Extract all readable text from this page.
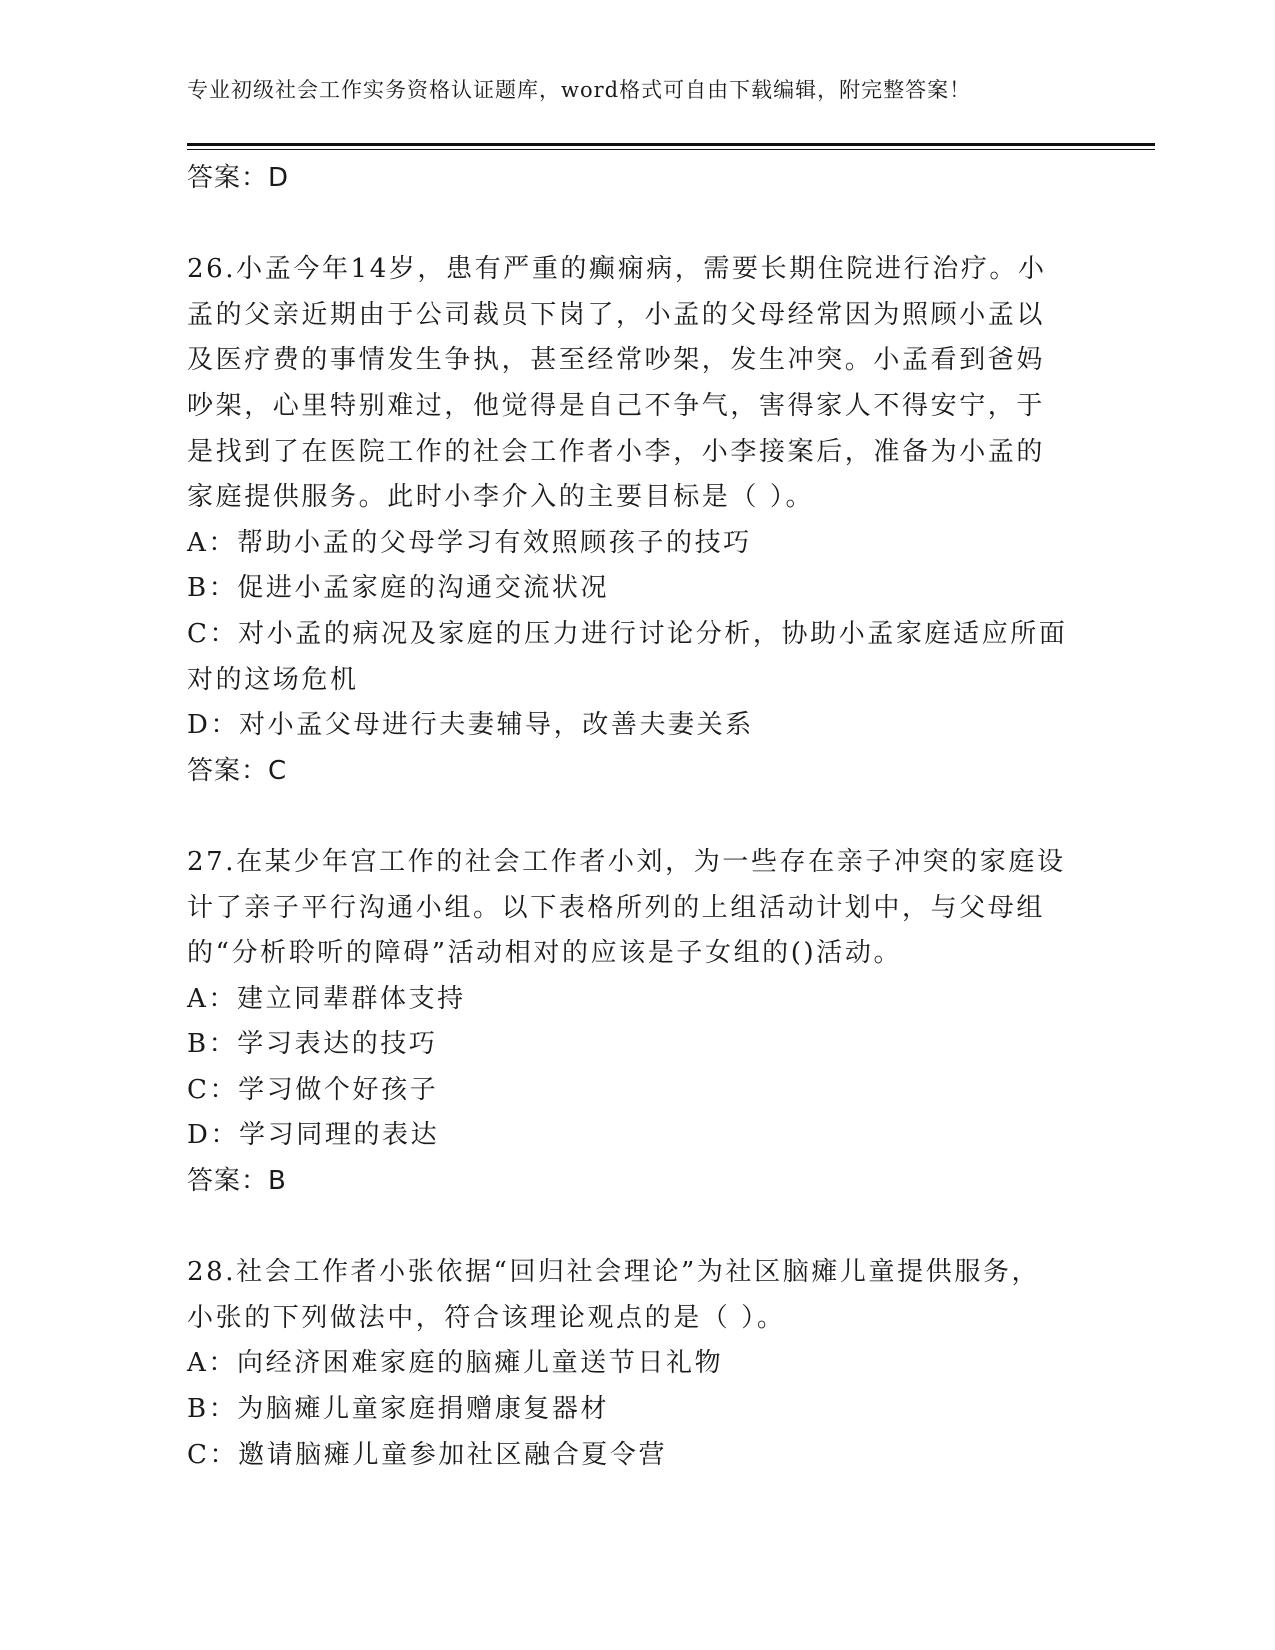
专业初级社会工作实务资格认证题库，word格式可自由下载编辑，附完整答案！
答案：D
26.小孟今年14岁，患有严重的癫痫病，需要长期住院进行治疗。小
孟的父亲近期由于公司裁员下岗了，小孟的父母经常因为照顾小孟以
及医疗费的事情发生争执，甚至经常吵架，发生冲突。小孟看到爸妈
吵架，心里特别难过，他觉得是自己不争气，害得家人不得安宁，于
是找到了在医院工作的社会工作者小李，小李接案后，准备为小孟的
家庭提供服务。此时小李介入的主要目标是（ ）。
A：帮助小孟的父母学习有效照顾孩子的技巧
B：促进小孟家庭的沟通交流状况
C：对小孟的病况及家庭的压力进行讨论分析，协助小孟家庭适应所面
对的这场危机
D：对小孟父母进行夫妻辅导，改善夫妻关系
答案：C
27.在某少年宫工作的社会工作者小刘，为一些存在亲子冲突的家庭设
计了亲子平行沟通小组。以下表格所列的上组活动计划中，与父母组
的“分析聆听的障碍”活动相对的应该是子女组的()活动。
A：建立同辈群体支持
B：学习表达的技巧
C：学习做个好孩子
D：学习同理的表达
答案：B
28.社会工作者小张依据“回归社会理论”为社区脑瘫儿童提供服务，
小张的下列做法中，符合该理论观点的是（ ）。
A：向经济困难家庭的脑瘫儿童送节日礼物
B：为脑瘫儿童家庭捐赠康复器材
C：邀请脑瘫儿童参加社区融合夏令营
